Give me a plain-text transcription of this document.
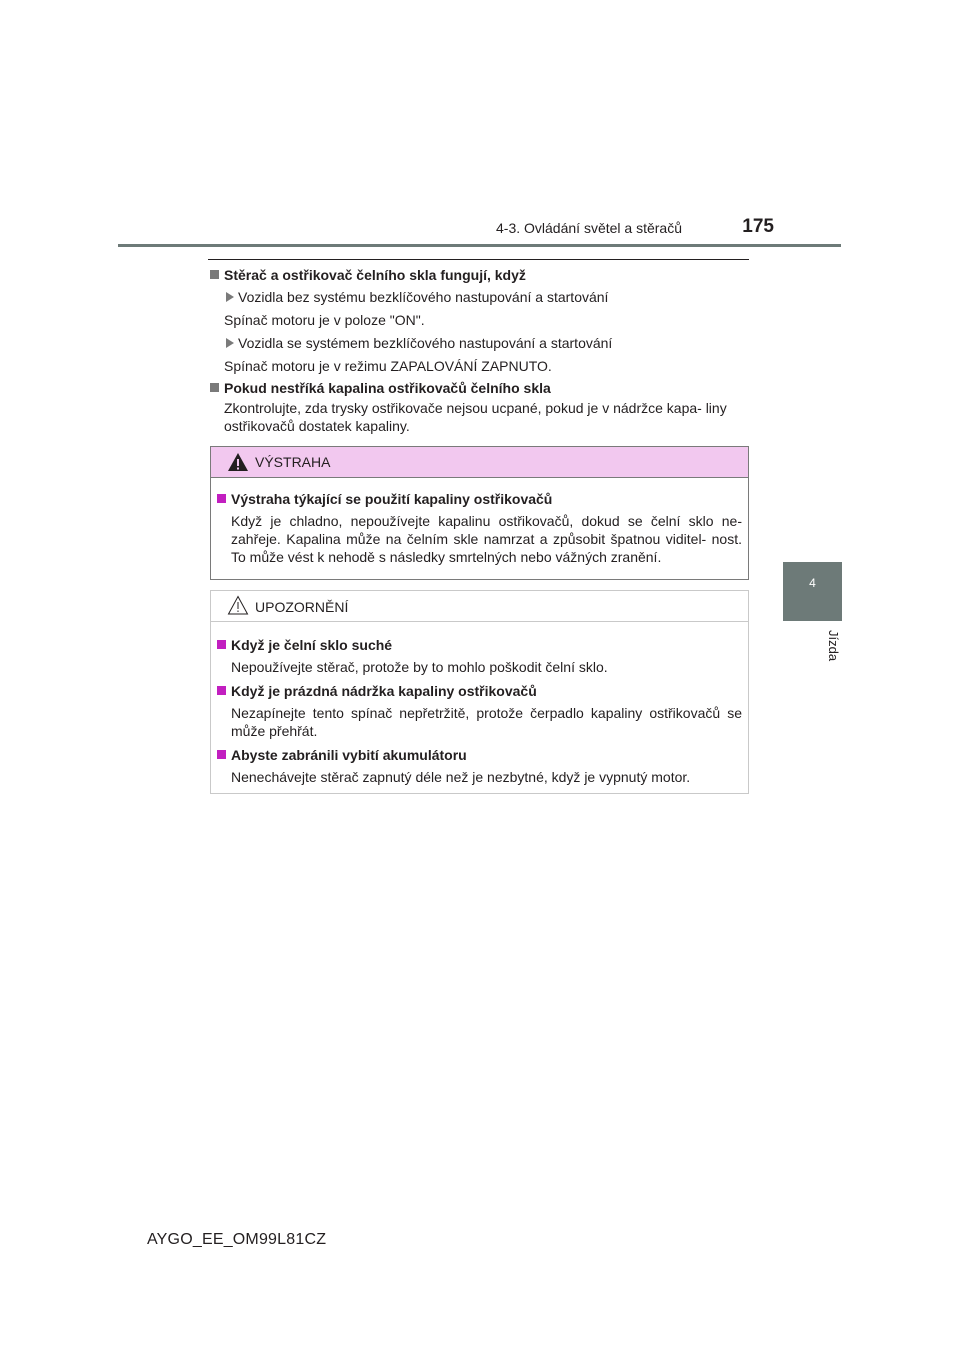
4-3. Ovládání světel a stěračů	175
4
Jízda
Stěrač a ostřikovač čelního skla fungují, když
Vozidla bez systému bezklíčového nastupování a startování
Spínač motoru je v poloze "ON".
Vozidla se systémem bezklíčového nastupování a startování
Spínač motoru je v režimu ZAPALOVÁNÍ ZAPNUTO.
Pokud nestříká kapalina ostřikovačů čelního skla
Zkontrolujte, zda trysky ostřikovače nejsou ucpané, pokud je v nádržce kapa- liny ostřikovačů dostatek kapaliny.
VÝSTRAHA
Výstraha týkající se použití kapaliny ostřikovačů
Když je chladno, nepoužívejte kapalinu ostřikovačů, dokud se čelní sklo ne- zahřeje. Kapalina může na čelním skle namrzat a způsobit špatnou viditel- nost. To může vést k nehodě s následky smrtelných nebo vážných zranění.
UPOZORNĚNÍ
Když je čelní sklo suché
Nepoužívejte stěrač, protože by to mohlo poškodit čelní sklo.
Když je prázdná nádržka kapaliny ostřikovačů
Nezapínejte tento spínač nepřetržitě, protože čerpadlo kapaliny ostřikovačů se může přehřát.
Abyste zabránili vybití akumulátoru
Nenechávejte stěrač zapnutý déle než je nezbytné, když je vypnutý motor.
AYGO_EE_OM99L81CZ
